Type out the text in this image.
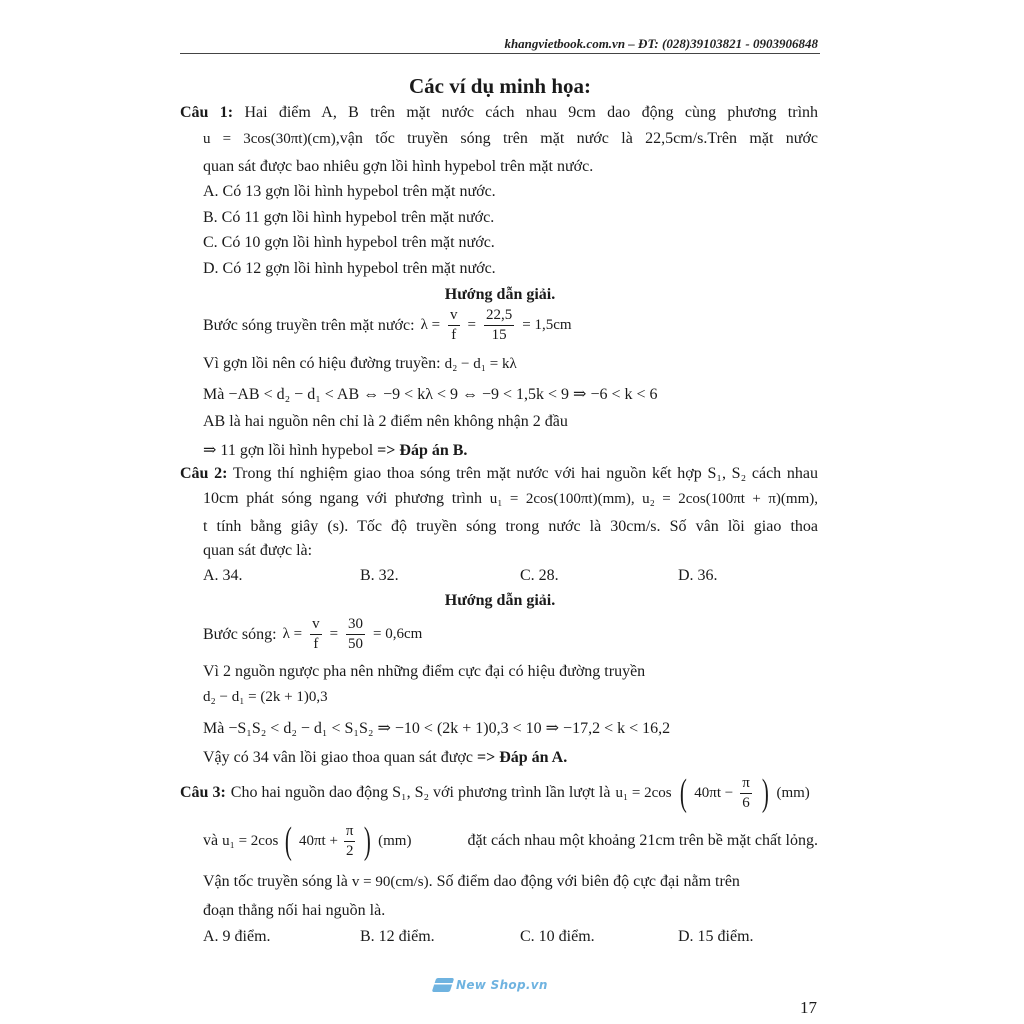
khangvietbook.com.vn – ĐT: (028)39103821 - 0903906848
Các ví dụ minh họa:
Câu 1: Hai điểm A, B trên mặt nước cách nhau 9cm dao động cùng phương trình
u = 3cos(30πt)(cm),vận tốc truyền sóng trên mặt nước là 22,5cm/s.Trên mặt nước
quan sát được bao nhiêu gợn lồi hình hypebol trên mặt nước.
A. Có 13 gợn lồi hình hypebol trên mặt nước.
B. Có 11 gợn lồi hình hypebol trên mặt nước.
C. Có 10 gợn lồi hình hypebol trên mặt nước.
D. Có 12 gợn lồi hình hypebol trên mặt nước.
Hướng dẫn giải.
Bước sóng truyền trên mặt nước: $\lambda = \frac{v}{f} = \frac{22,5}{15} = 1,5cm$
Vì gợn lồi nên có hiệu đường truyền: d₂ − d₁ = kλ
Mà −AB < d₂ − d₁ < AB ⇔ −9 < kλ < 9 ⇔ −9 < 1,5k < 9 ⇒ −6 < k < 6
AB là hai nguồn nên chỉ là 2 điểm nên không nhận 2 đầu
⇒ 11 gợn lồi hình hypebol => Đáp án B.
Câu 2: Trong thí nghiệm giao thoa sóng trên mặt nước với hai nguồn kết hợp S₁, S₂ cách nhau
10cm phát sóng ngang với phương trình u₁ = 2cos(100πt)(mm), u₂ = 2cos(100πt + π)(mm),
t tính bằng giây (s). Tốc độ truyền sóng trong nước là 30cm/s. Số vân lồi giao thoa
quan sát được là:
A. 34.	B. 32.	C. 28.	D. 36.
Hướng dẫn giải.
Bước sóng: $\lambda = \frac{v}{f} = \frac{30}{50} = 0,6cm$
Vì 2 nguồn ngược pha nên những điểm cực đại có hiệu đường truyền
d₂ − d₁ = (2k + 1)0,3
Mà −S₁S₂ < d₂ − d₁ < S₁S₂ ⇒ −10 < (2k + 1)0,3 < 10 ⇒ −17,2 < k < 16,2
Vậy có 34 vân lồi giao thoa quan sát được => Đáp án A.
Câu 3: Cho hai nguồn dao động S₁, S₂ với phương trình lần lượt là u₁ = 2cos ( $40\pi t - \frac{\pi}{6}$ ) (mm)
và u₁ = 2cos ( $40\pi t + \frac{\pi}{2}$ ) (mm)	đặt cách nhau một khoảng 21cm trên bề mặt chất lỏng.
Vận tốc truyền sóng là v = 90(cm/s). Số điểm dao động với biên độ cực đại nằm trên
đoạn thẳng nối hai nguồn là.
A. 9 điểm.	B. 12 điểm.	C. 10 điểm.	D. 15 điểm.
New Shop.vn
17
